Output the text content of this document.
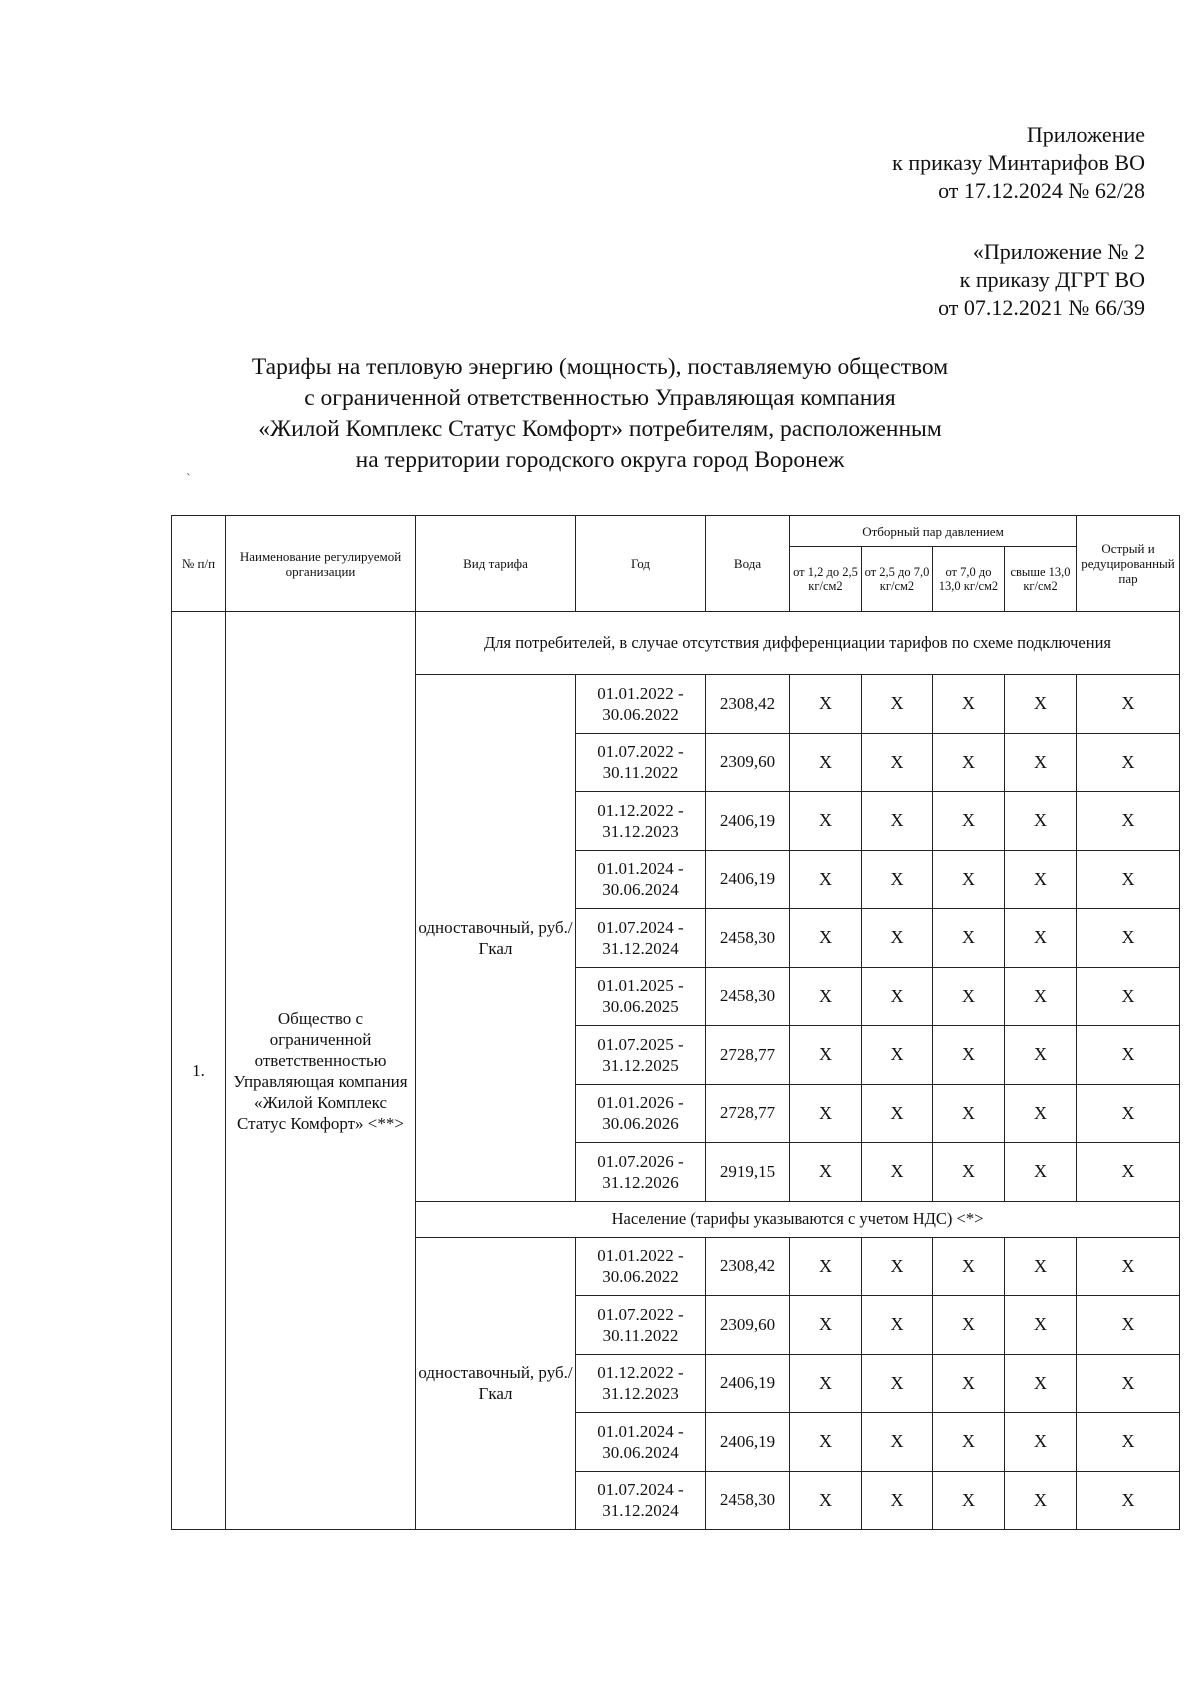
Приложение
к приказу Минтарифов ВО
от 17.12.2024 № 62/28
«Приложение № 2
к приказу ДГРТ ВО
от 07.12.2021 № 66/39
Тарифы на тепловую энергию (мощность), поставляемую обществом
с ограниченной ответственностью Управляющая компания
«Жилой Комплекс Статус Комфорт» потребителям, расположенным
на территории городского округа город Воронеж
`
№ п/п	Наименование регулируемой организации	Вид тарифа	Год	Вода	Отборный пар давлением				Острый и редуцированный пар
					от 1,2 до 2,5 кг/см2	от 2,5 до 7,0 кг/см2	от 7,0 до 13,0 кг/см2	свыше 13,0 кг/см2	
1.	Общество с ограниченной ответственностью Управляющая компания «Жилой Комплекс Статус Комфорт» <**>	Для потребителей, в случае отсутствия дифференциации тарифов по схеме подключения							
		одноставочный, руб./Гкал	01.01.2022 - 30.06.2022	2308,42	X	X	X	X	X
			01.07.2022 - 30.11.2022	2309,60	X	X	X	X	X
			01.12.2022 - 31.12.2023	2406,19	X	X	X	X	X
			01.01.2024 - 30.06.2024	2406,19	X	X	X	X	X
			01.07.2024 - 31.12.2024	2458,30	X	X	X	X	X
			01.01.2025 - 30.06.2025	2458,30	X	X	X	X	X
			01.07.2025 - 31.12.2025	2728,77	X	X	X	X	X
			01.01.2026 - 30.06.2026	2728,77	X	X	X	X	X
			01.07.2026 - 31.12.2026	2919,15	X	X	X	X	X
		Население (тарифы указываются с учетом НДС) <*>							
		одноставочный, руб./Гкал	01.01.2022 - 30.06.2022	2308,42	X	X	X	X	X
			01.07.2022 - 30.11.2022	2309,60	X	X	X	X	X
			01.12.2022 - 31.12.2023	2406,19	X	X	X	X	X
			01.01.2024 - 30.06.2024	2406,19	X	X	X	X	X
			01.07.2024 - 31.12.2024	2458,30	X	X	X	X	X
